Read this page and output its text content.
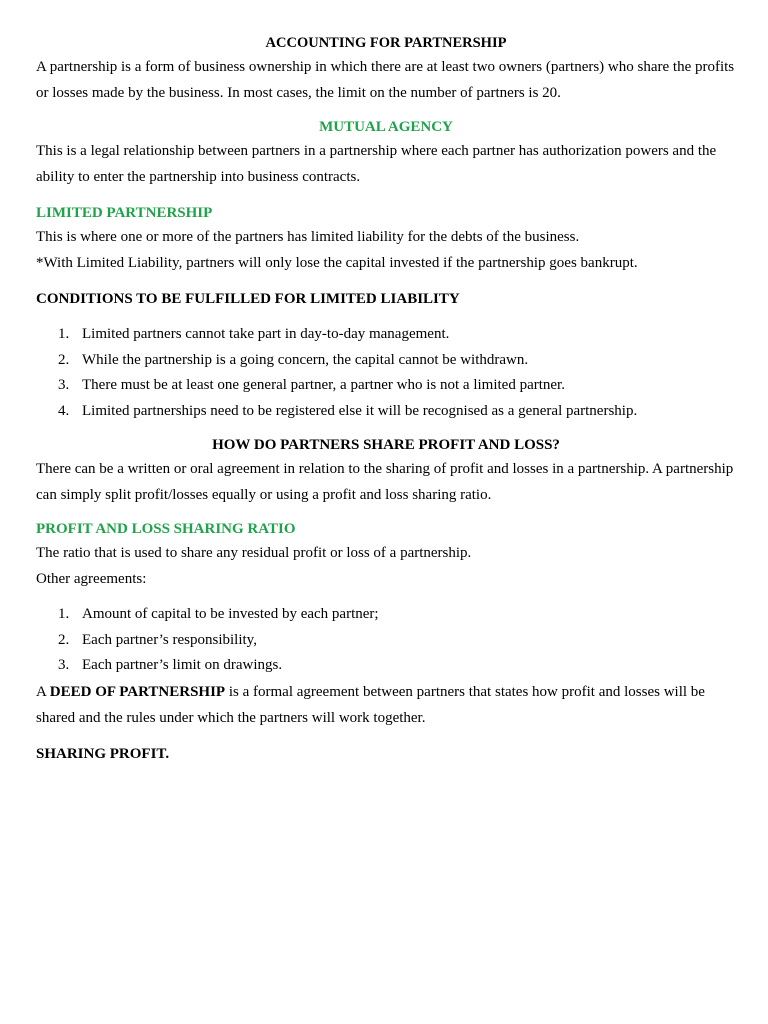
ACCOUNTING FOR PARTNERSHIP

A partnership is a form of business ownership in which there are at least two owners (partners) who share the profits or losses made by the business. In most cases, the limit on the number of partners is 20.

MUTUAL AGENCY

This is a legal relationship between partners in a partnership where each partner has authorization powers and the ability to enter the partnership into business contracts.

LIMITED PARTNERSHIP

This is where one or more of the partners has limited liability for the debts of the business.

*With Limited Liability, partners will only lose the capital invested if the partnership goes bankrupt.

CONDITIONS TO BE FULFILLED FOR LIMITED LIABILITY

1. Limited partners cannot take part in day-to-day management.
2. While the partnership is a going concern, the capital cannot be withdrawn.
3. There must be at least one general partner, a partner who is not a limited partner.
4. Limited partnerships need to be registered else it will be recognised as a general partnership.

HOW DO PARTNERS SHARE PROFIT AND LOSS?

There can be a written or oral agreement in relation to the sharing of profit and losses in a partnership. A partnership can simply split profit/losses equally or using a profit and loss sharing ratio.

PROFIT AND LOSS SHARING RATIO

The ratio that is used to share any residual profit or loss of a partnership.

Other agreements:

1. Amount of capital to be invested by each partner;
2. Each partner’s responsibility,
3. Each partner’s limit on drawings.

A DEED OF PARTNERSHIP is a formal agreement between partners that states how profit and losses will be shared and the rules under which the partners will work together.

SHARING PROFIT.
